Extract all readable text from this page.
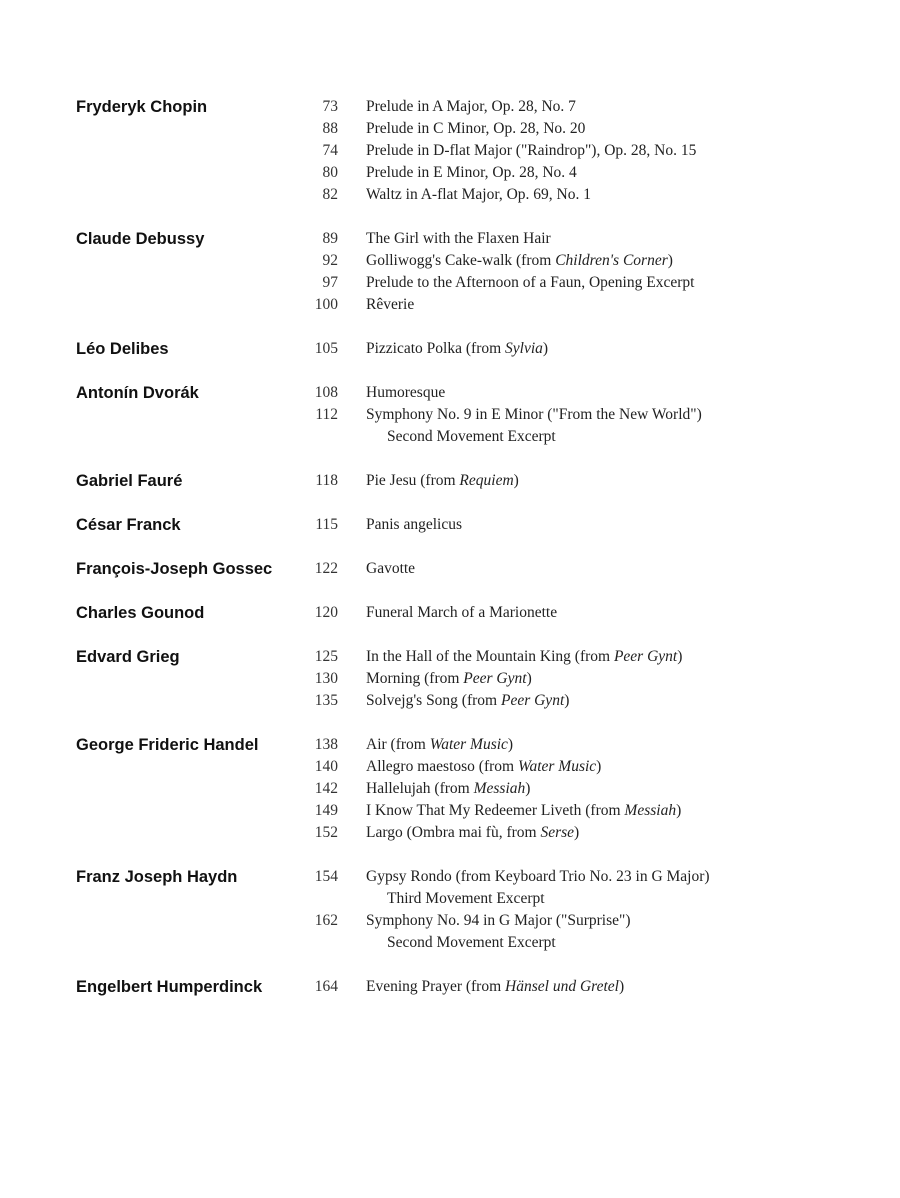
Fryderyk Chopin	73 Prelude in A Major, Op. 28, No. 7
88 Prelude in C Minor, Op. 28, No. 20
74 Prelude in D-flat Major ("Raindrop"), Op. 28, No. 15
80 Prelude in E Minor, Op. 28, No. 4
82 Waltz in A-flat Major, Op. 69, No. 1
Claude Debussy	89 The Girl with the Flaxen Hair
92 Golliwogg's Cake-walk (from Children's Corner)
97 Prelude to the Afternoon of a Faun, Opening Excerpt
100 Rêverie
Léo Delibes	105 Pizzicato Polka (from Sylvia)
Antonín Dvorák	108 Humoresque
112 Symphony No. 9 in E Minor ("From the New World")
Second Movement Excerpt
Gabriel Fauré	118 Pie Jesu (from Requiem)
César Franck	115 Panis angelicus
François-Joseph Gossec	122 Gavotte
Charles Gounod	120 Funeral March of a Marionette
Edvard Grieg	125 In the Hall of the Mountain King (from Peer Gynt)
130 Morning (from Peer Gynt)
135 Solvejg's Song (from Peer Gynt)
George Frideric Handel	138 Air (from Water Music)
140 Allegro maestoso (from Water Music)
142 Hallelujah (from Messiah)
149 I Know That My Redeemer Liveth (from Messiah)
152 Largo (Ombra mai fù, from Serse)
Franz Joseph Haydn	154 Gypsy Rondo (from Keyboard Trio No. 23 in G Major)
Third Movement Excerpt
162 Symphony No. 94 in G Major ("Surprise")
Second Movement Excerpt
Engelbert Humperdinck	164 Evening Prayer (from Hänsel und Gretel)
